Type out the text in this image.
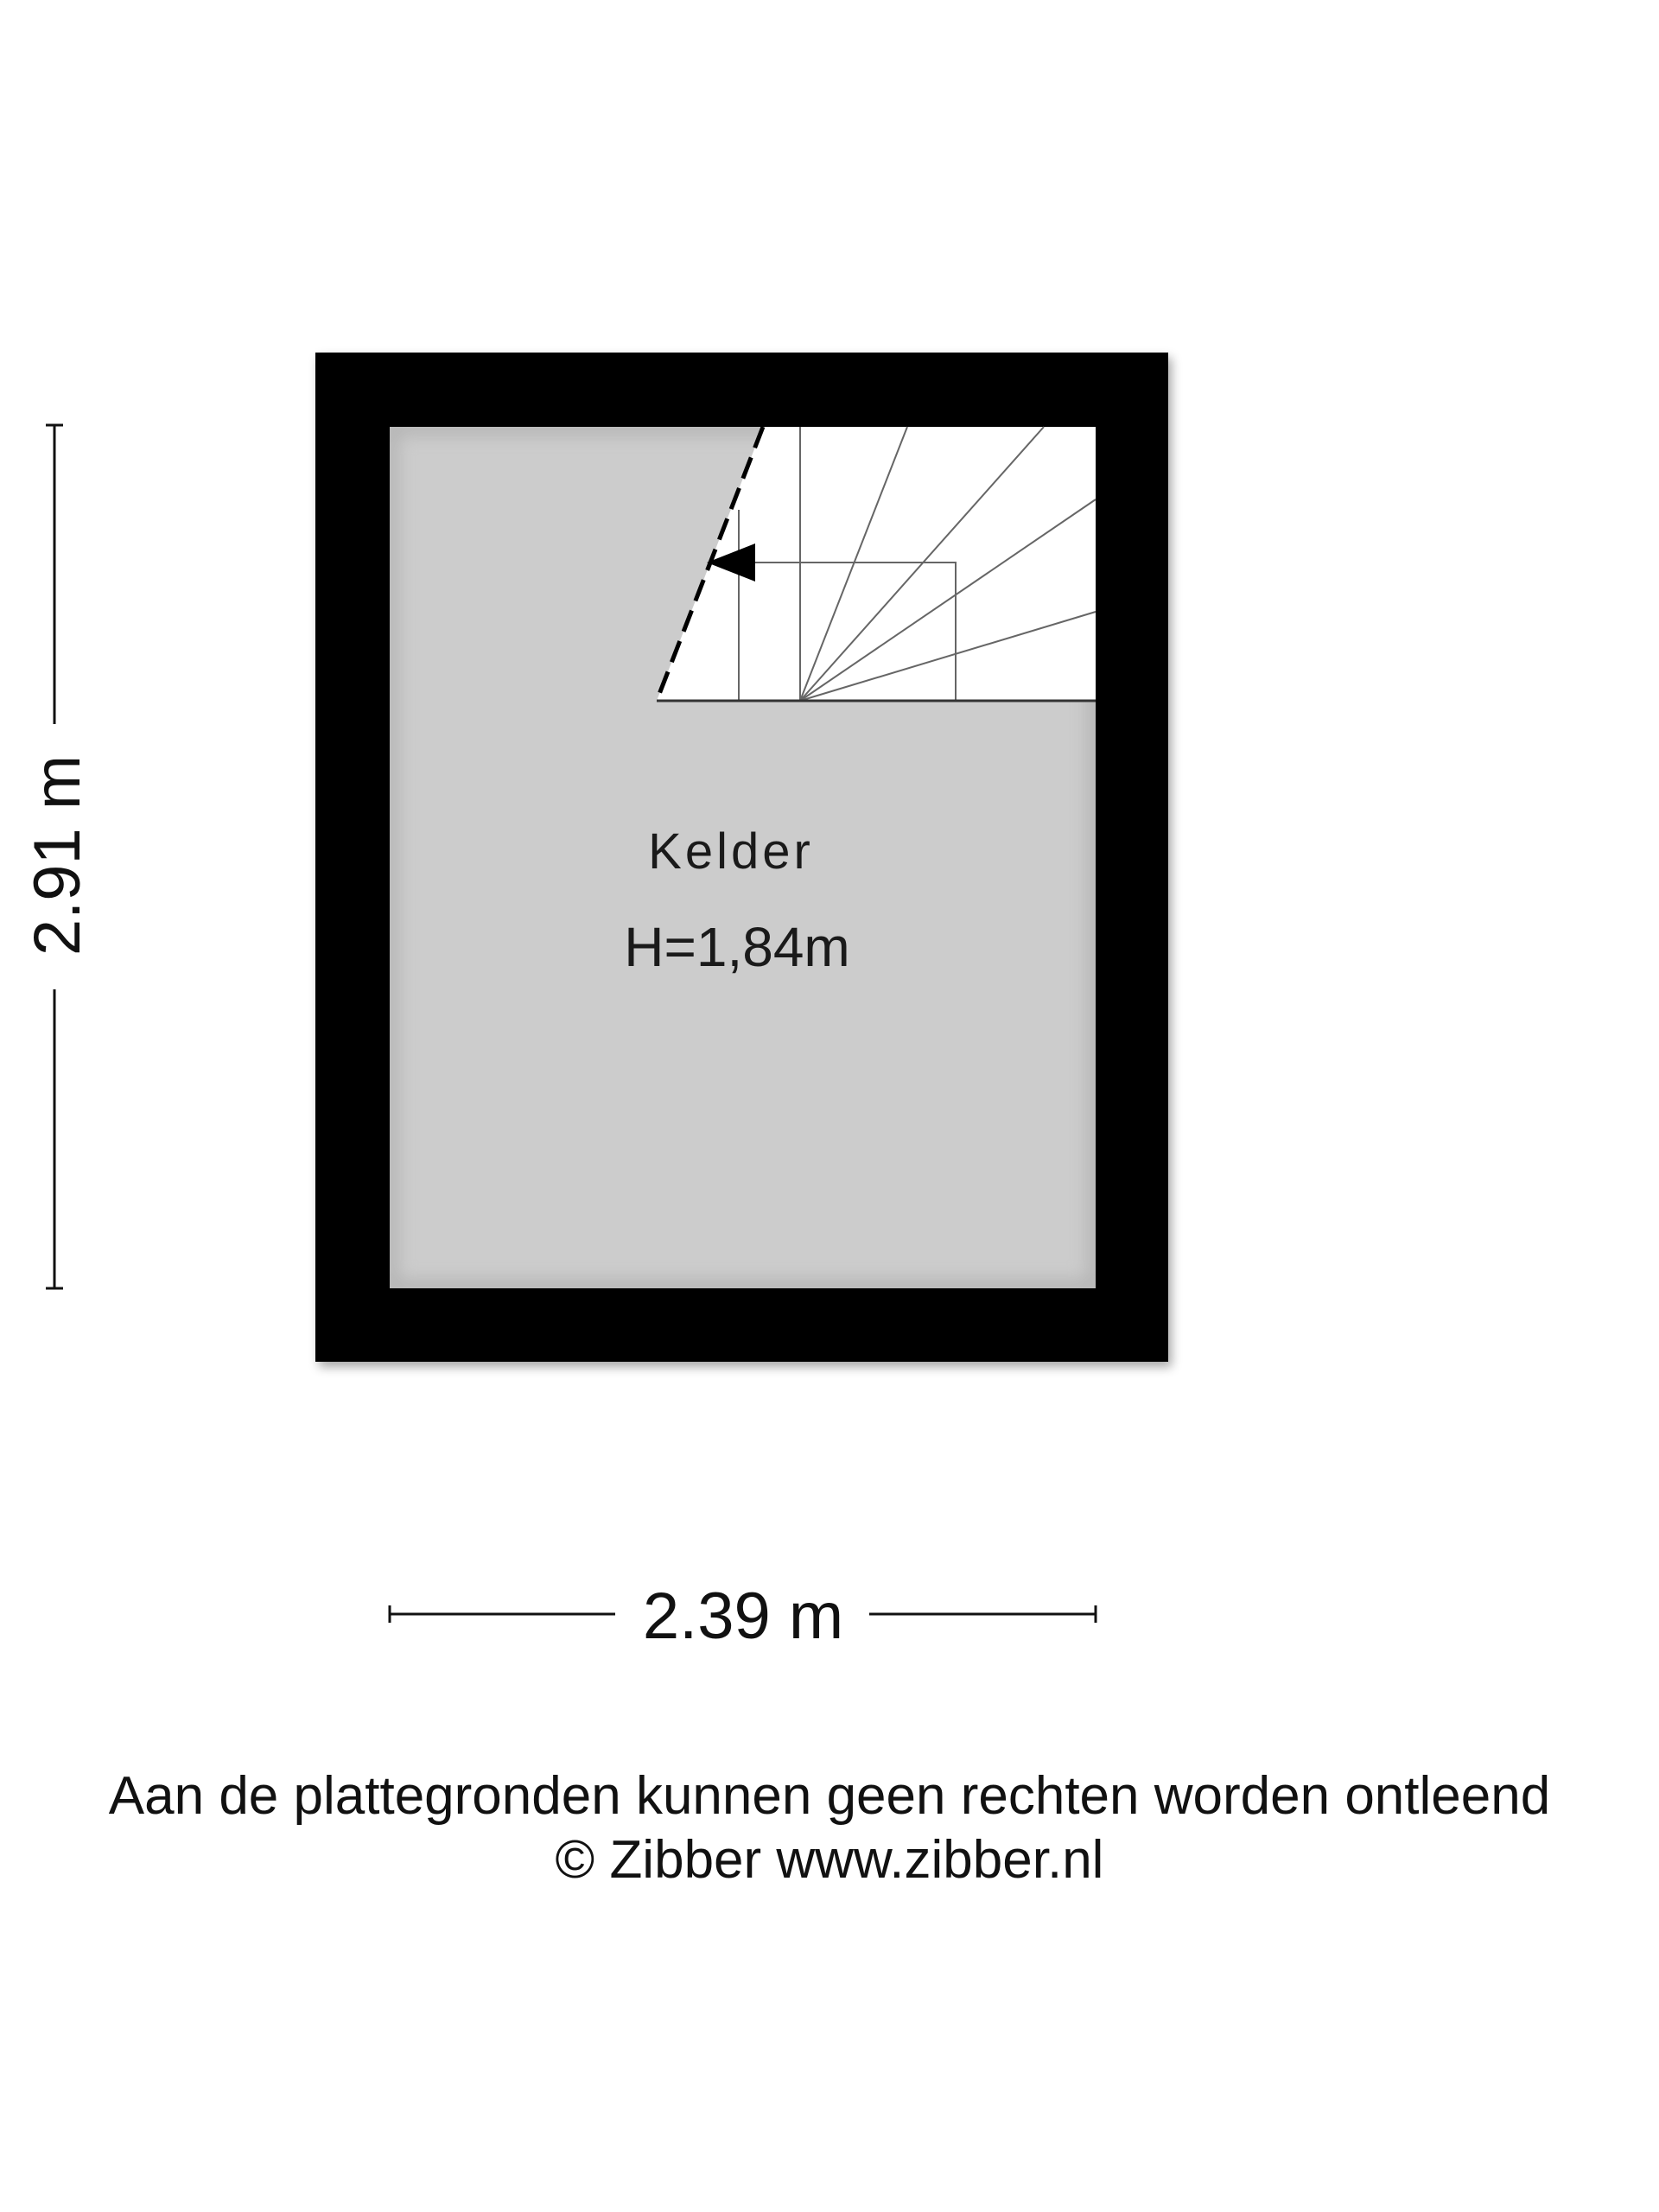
Kelder
H=1,84m
2.91 m
2.39 m
Aan de plattegronden kunnen geen rechten worden ontleend
© Zibber www.zibber.nl
